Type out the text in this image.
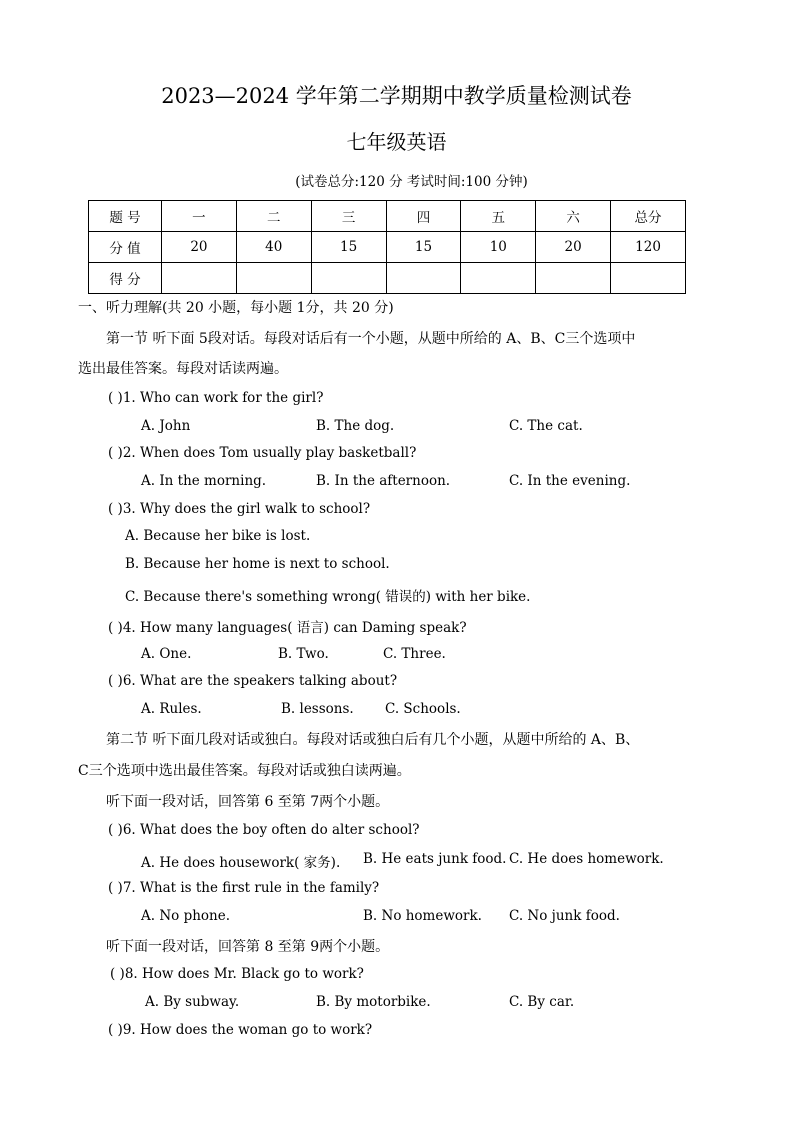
2023—2024 学年第二学期期中教学质量检测试卷
七年级英语
(试卷总分:120 分 考试时间:100 分钟)
题 号	一	二	三	四	五	六	总分
分 值	20	40	15	15	10	20	120
得 分							
一、听力理解(共 20 小题，每小题 1分，共 20 分)
第一节 听下面 5段对话。每段对话后有一个小题，从题中所给的 A、B、C三个选项中
选出最佳答案。每段对话读两遍。
( )1. Who can work for the girl?
A. John	B. The dog.	C. The cat.
( )2. When does Tom usually play basketball?
A. In the morning.	B. In the afternoon.	C. In the evening.
( )3. Why does the girl walk to school?
A. Because her bike is lost.
B. Because her home is next to school.
C. Because there's something wrong( 错误的) with her bike.
( )4. How many languages( 语言) can Daming speak?
A. One.	B. Two.	C. Three.
( )6. What are the speakers talking about?
A. Rules.	B. lessons. C. Schools.
第二节 听下面几段对话或独白。每段对话或独白后有几个小题，从题中所给的 A、B、
C三个选项中选出最佳答案。每段对话或独白读两遍。
听下面一段对话，回答第 6 至第 7两个小题。
( )6. What does the boy often do alter school?
A. He does housework( 家务). B. He eats junk food. C. He does homework.
( )7. What is the first rule in the family?
A. No phone.	B. No homework. C. No junk food.
听下面一段对话，回答第 8 至第 9两个小题。
( )8. How does Mr. Black go to work?
A. By subway.	B. By motorbike.	C. By car.
( )9. How does the woman go to work?
